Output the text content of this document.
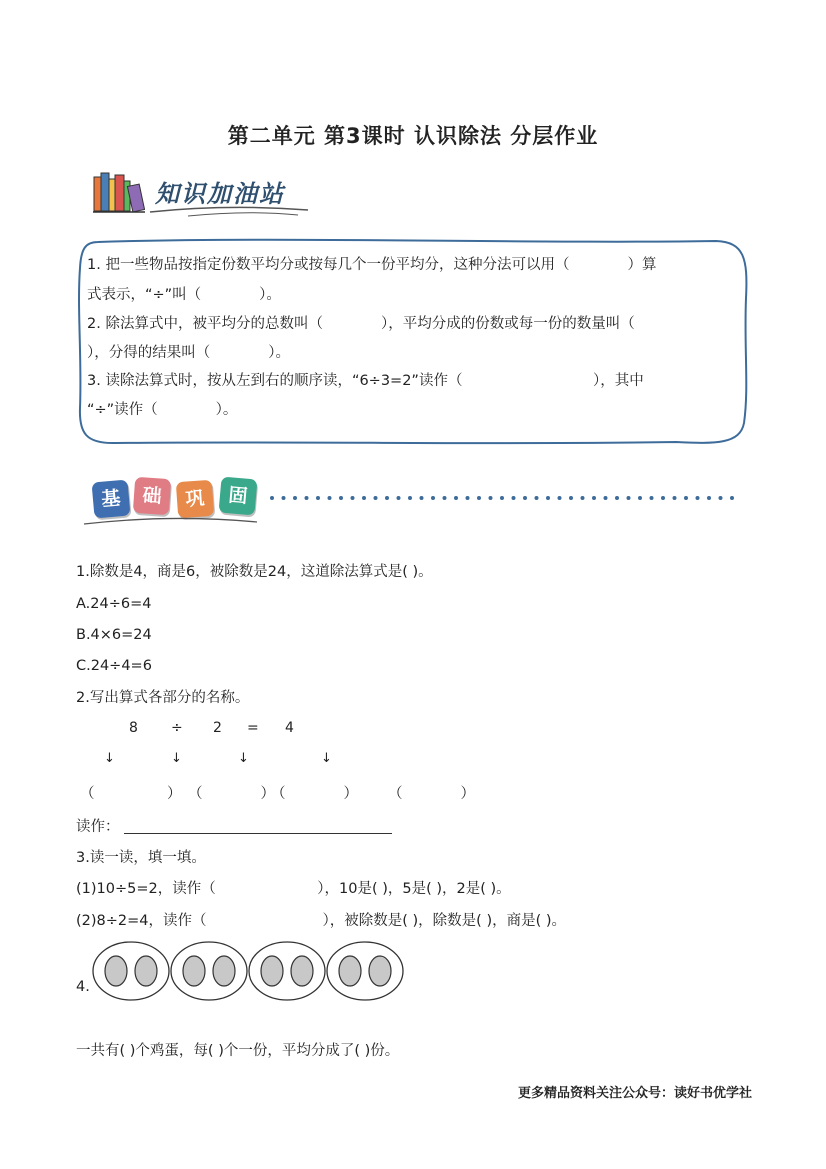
第二单元 第3课时 认识除法 分层作业
知识加油站
1. 把一些物品按指定份数平均分或按每几个一份平均分，这种分法可以用（　　　　）算
式表示，“÷”叫（　　　　）。
2. 除法算式中，被平均分的总数叫（　　　　），平均分成的份数或每一份的数量叫（
），分得的结果叫（　　　　）。
3. 读除法算式时，按从左到右的顺序读，“6÷3=2”读作（　　　　　　　　　），其中
“÷”读作（　　　　）。
基	础	巩	固
1.除数是4，商是6，被除数是24，这道除法算式是( )。
A.24÷6=4
B.4×6=24
C.24÷4=6
2.写出算式各部分的名称。
8 ÷ 2 = 4
↓	↓	↓	↓
（　　　　　） （　　　　）
（　　　　） （　　　　）
读作：
3.读一读，填一填。
(1)10÷5=2，读作（　　　　　　　），10是( )，5是( )，2是( )。
(2)8÷2=4，读作（　　　　　　　　），被除数是( )，除数是( )，商是( )。
4.
一共有( )个鸡蛋，每( )个一份，平均分成了( )份。
更多精品资料关注公众号：读好书优学社
